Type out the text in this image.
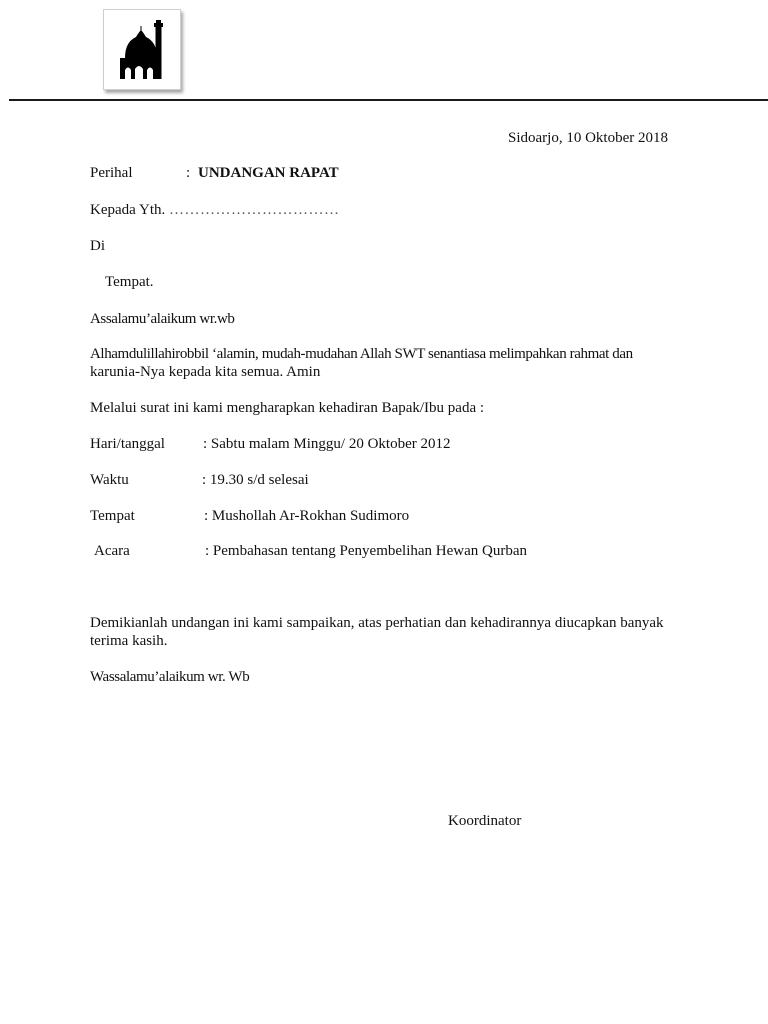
Sidoarjo, 10 Oktober 2018
Perihal	: UNDANGAN RAPAT
Kepada Yth. ……………………………
Di
Tempat.
Assalamu’alaikum wr.wb
Alhamdulillahirobbil ‘alamin, mudah-mudahan Allah SWT senantiasa melimpahkan rahmat dan
karunia-Nya kepada kita semua. Amin
Melalui surat ini kami mengharapkan kehadiran Bapak/Ibu pada :
Hari/tanggal	: Sabtu malam Minggu/ 20 Oktober 2012
Waktu	: 19.30 s/d selesai
Tempat	: Mushollah Ar-Rokhan Sudimoro
Acara	: Pembahasan tentang Penyembelihan Hewan Qurban
Demikianlah undangan ini kami sampaikan, atas perhatian dan kehadirannya diucapkan banyak
terima kasih.
Wassalamu’alaikum wr. Wb
Koordinator
